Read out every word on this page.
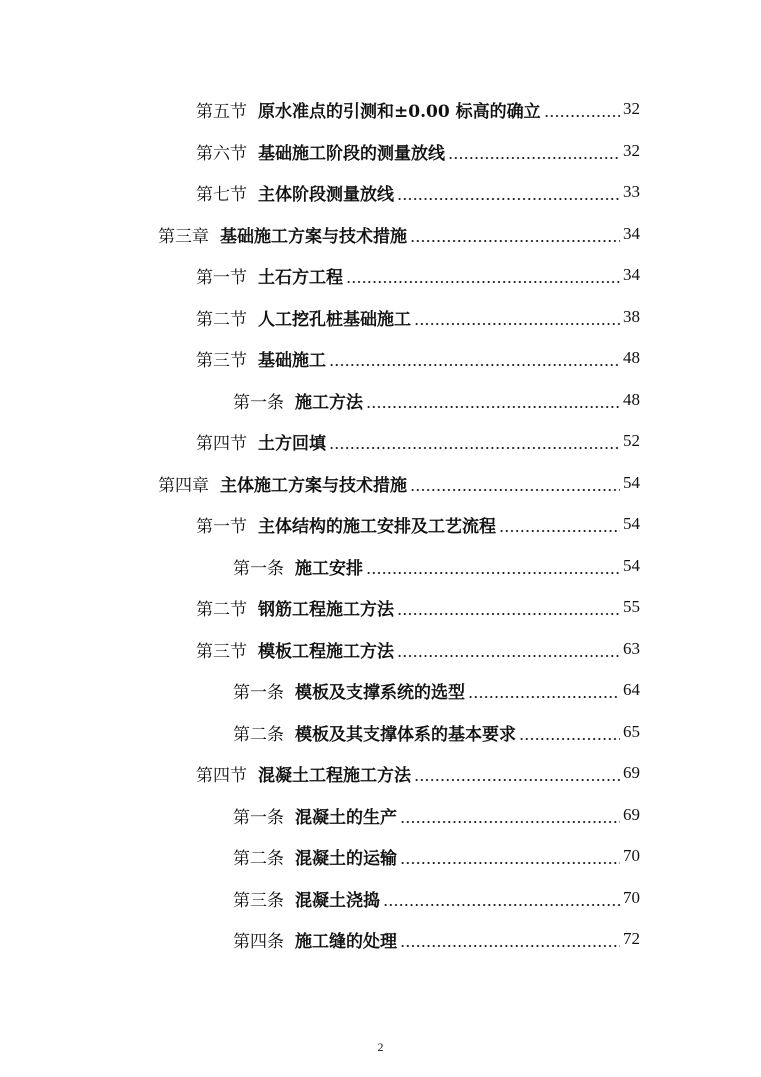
第五节 原水准点的引测和±0.00 标高的确立	32
第六节 基础施工阶段的测量放线	32
第七节 主体阶段测量放线	33
第三章 基础施工方案与技术措施	34
第一节 土石方工程	34
第二节 人工挖孔桩基础施工	38
第三节 基础施工	48
第一条 施工方法	48
第四节 土方回填	52
第四章 主体施工方案与技术措施	54
第一节 主体结构的施工安排及工艺流程	54
第一条 施工安排	54
第二节 钢筋工程施工方法	55
第三节 模板工程施工方法	63
第一条 模板及支撑系统的选型	64
第二条 模板及其支撑体系的基本要求	65
第四节 混凝土工程施工方法	69
第一条 混凝土的生产	69
第二条 混凝土的运输	70
第三条 混凝土浇捣	70
第四条 施工缝的处理	72
2
